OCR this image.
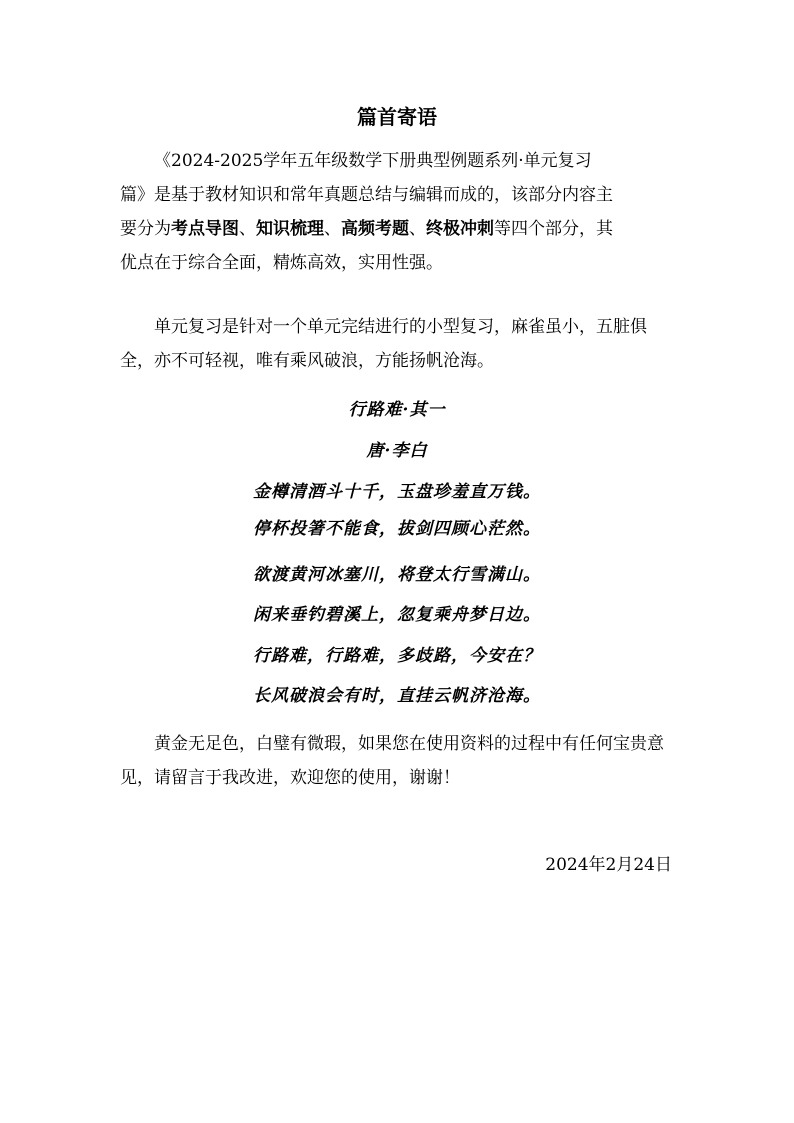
篇首寄语
《2024-2025学年五年级数学下册典型例题系列·单元复习
篇》是基于教材知识和常年真题总结与编辑而成的，该部分内容主
要分为考点导图、知识梳理、高频考题、终极冲刺等四个部分，其
优点在于综合全面，精炼高效，实用性强。

单元复习是针对一个单元完结进行的小型复习，麻雀虽小，五脏俱全，亦不可轻视，唯有乘风破浪，方能扬帆沧海。

行路难·其一
唐·李白
金樽清酒斗十千，玉盘珍羞直万钱。
停杯投箸不能食，拔剑四顾心茫然。
欲渡黄河冰塞川，将登太行雪满山。
闲来垂钓碧溪上，忽复乘舟梦日边。
行路难，行路难，多歧路，今安在？
长风破浪会有时，直挂云帆济沧海。

黄金无足色，白璧有微瑕，如果您在使用资料的过程中有任何宝贵意见，请留言于我改进，欢迎您的使用，谢谢！

2024年2月24日
